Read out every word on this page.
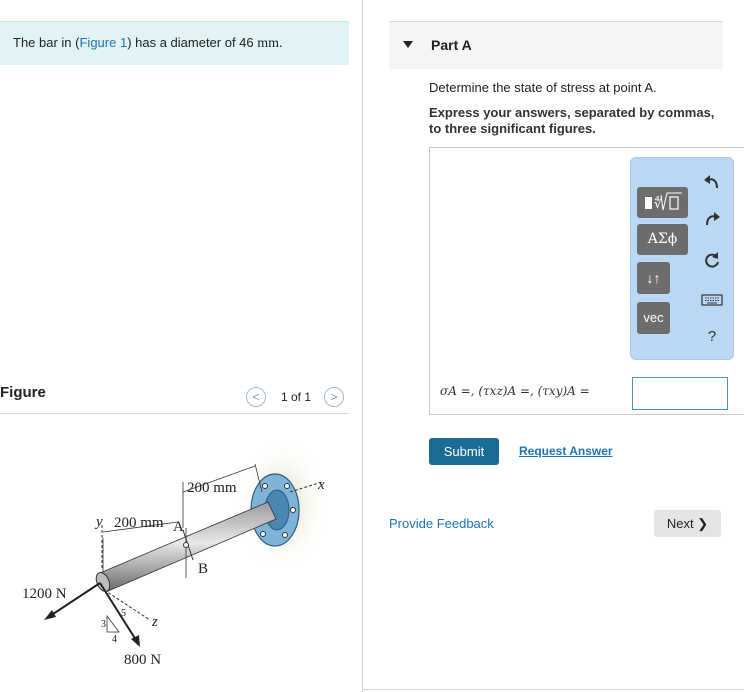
The bar in (Figure 1) has a diameter of 46 mm.	Part A
Determine the state of stress at point A.
Express your answers, separated by commas, to three significant figures.
∜
ΑΣϕ
↓↑
vec
?
σA =, (τxz)A =, (τxy)A =
Submit	Request Answer
Provide Feedback	Next ❯
Figure	<	1 of 1	>
200 mm
200 mm
1200 N
800 N
A
B
x
y
z
3
4
5
